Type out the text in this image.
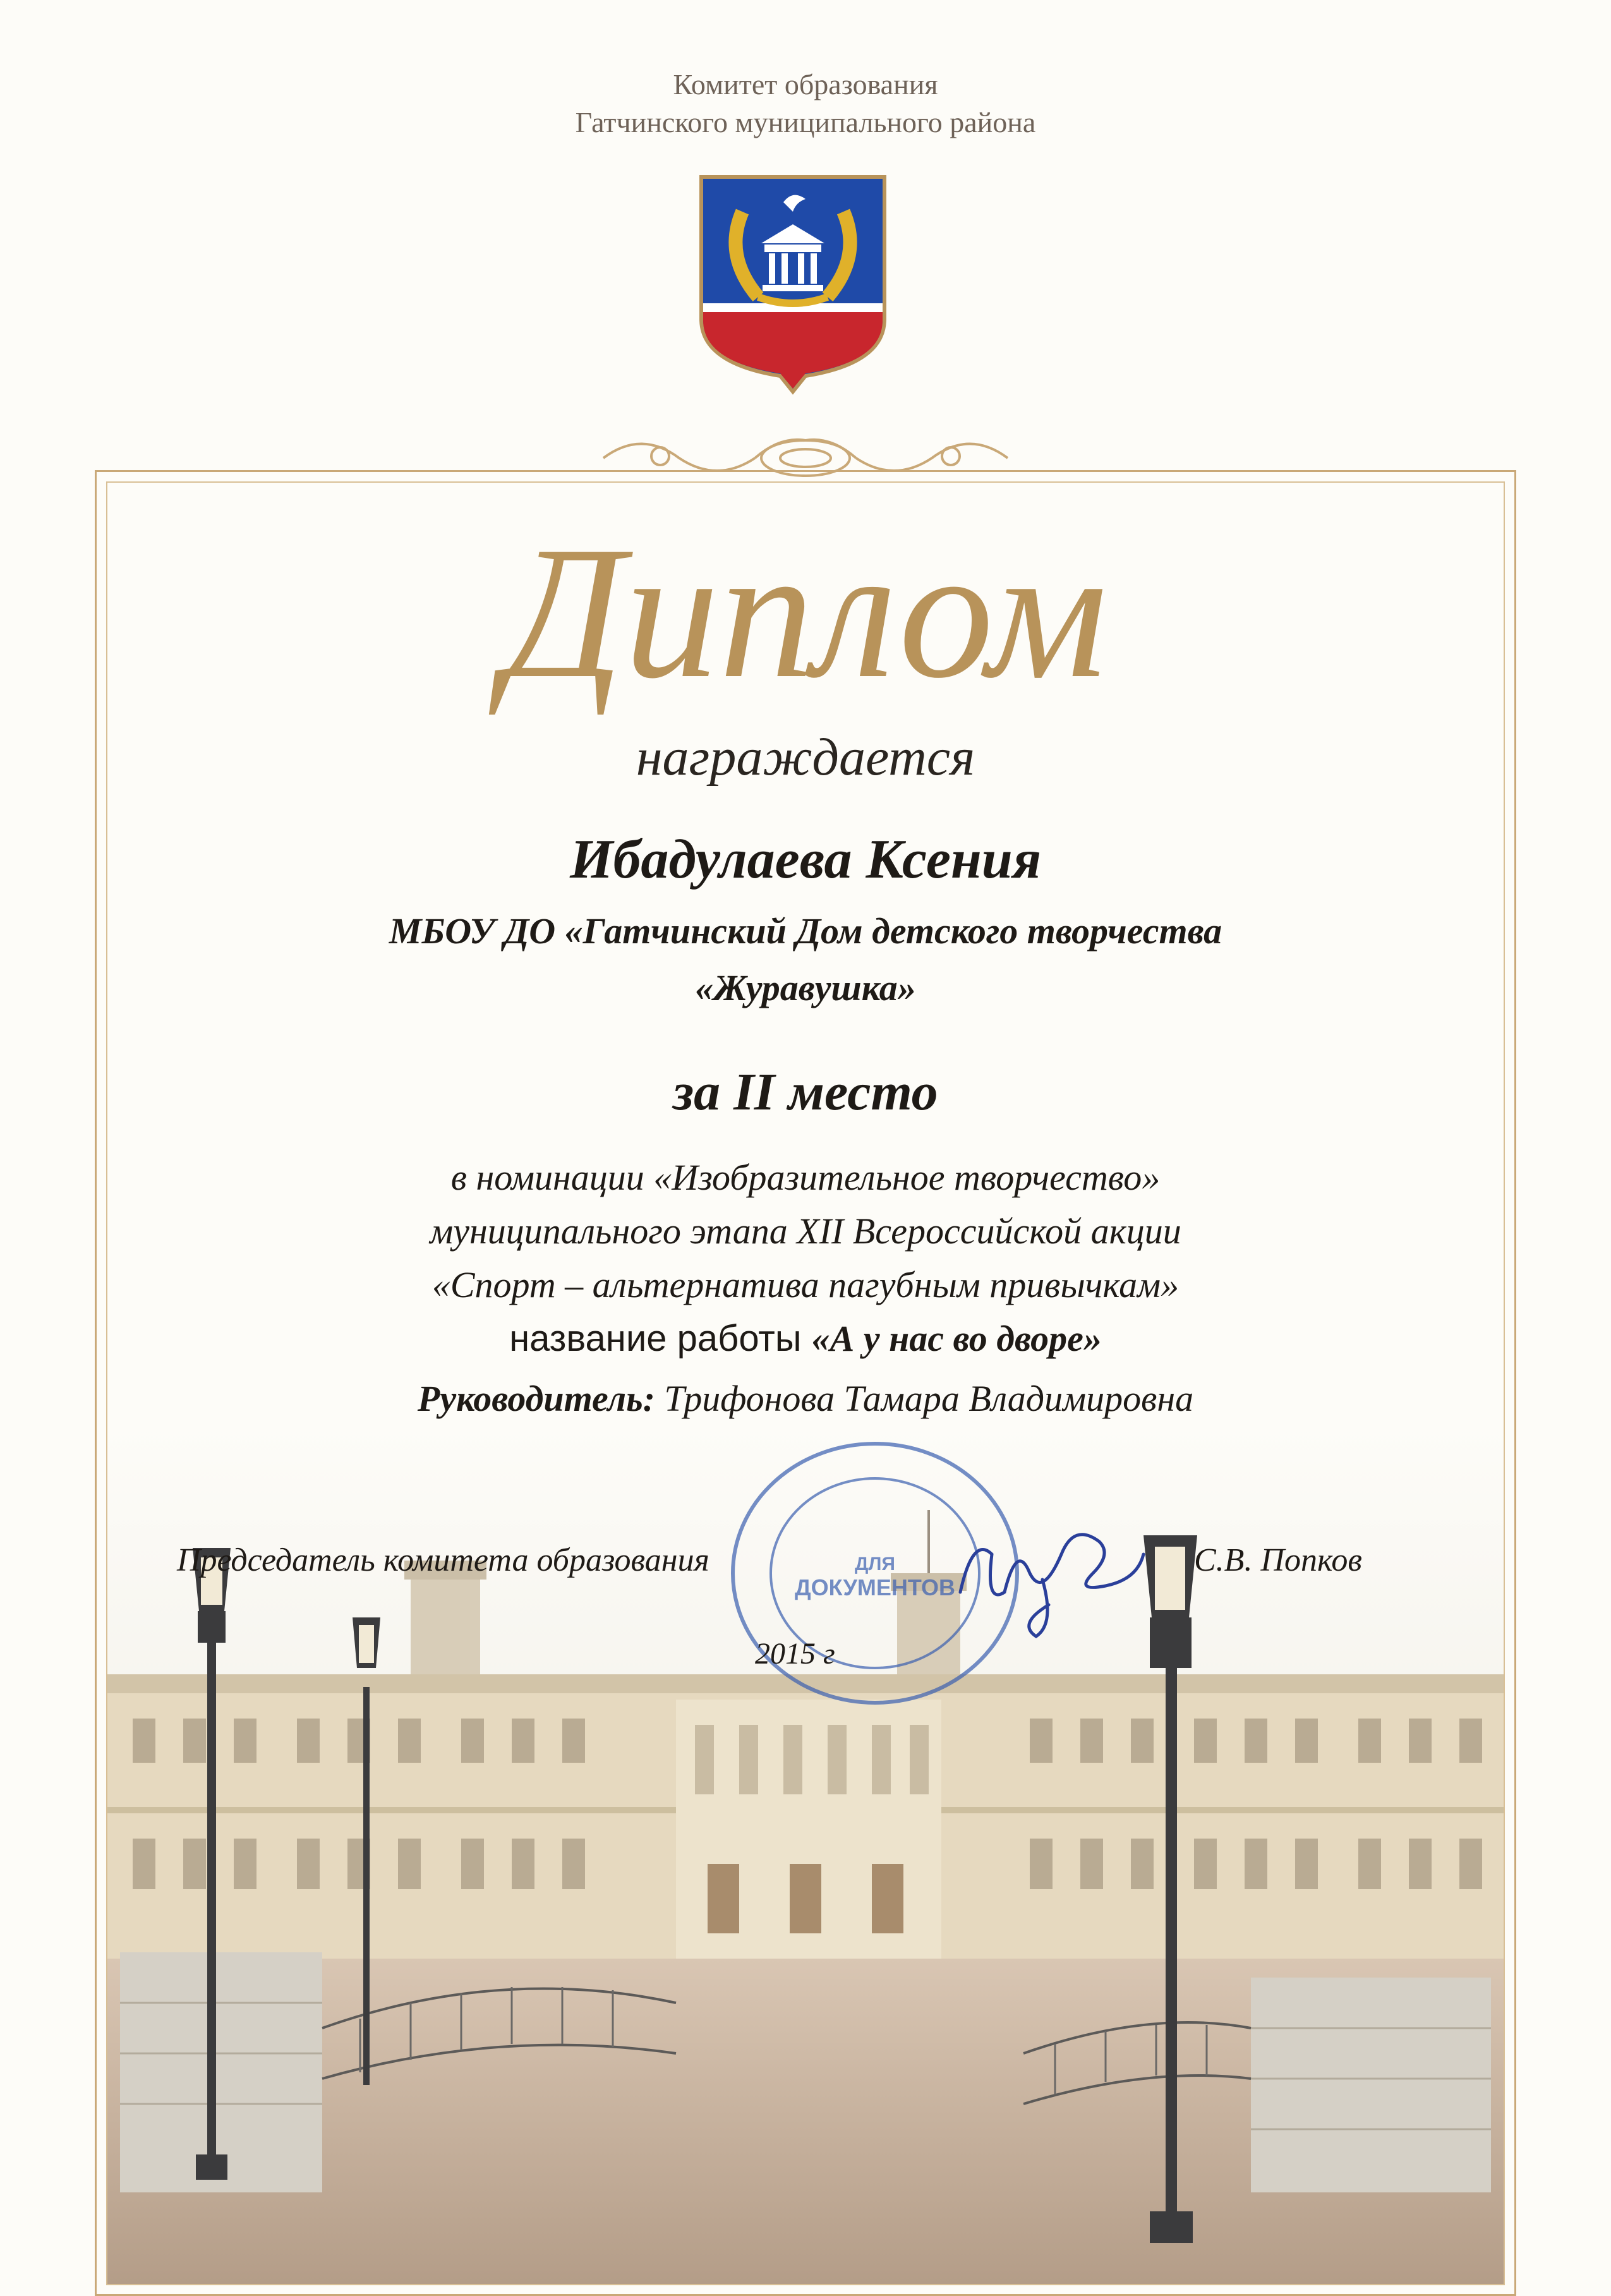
Комитет образования
Гатчинского муниципального района
Диплом
награждается
Ибадулаева Ксения
МБОУ ДО «Гатчинский Дом детского творчества
«Журавушка»
за II место
в номинации «Изобразительное творчество»
муниципального этапа XII Всероссийской акции
«Спорт – альтернатива пагубным привычкам»
название работы «А у нас во дворе»
Руководитель: Трифонова Тамара Владимировна
Председатель комитета образования	С.В. Попков
ДЛЯ
ДОКУМЕНТОВ
2015 г
